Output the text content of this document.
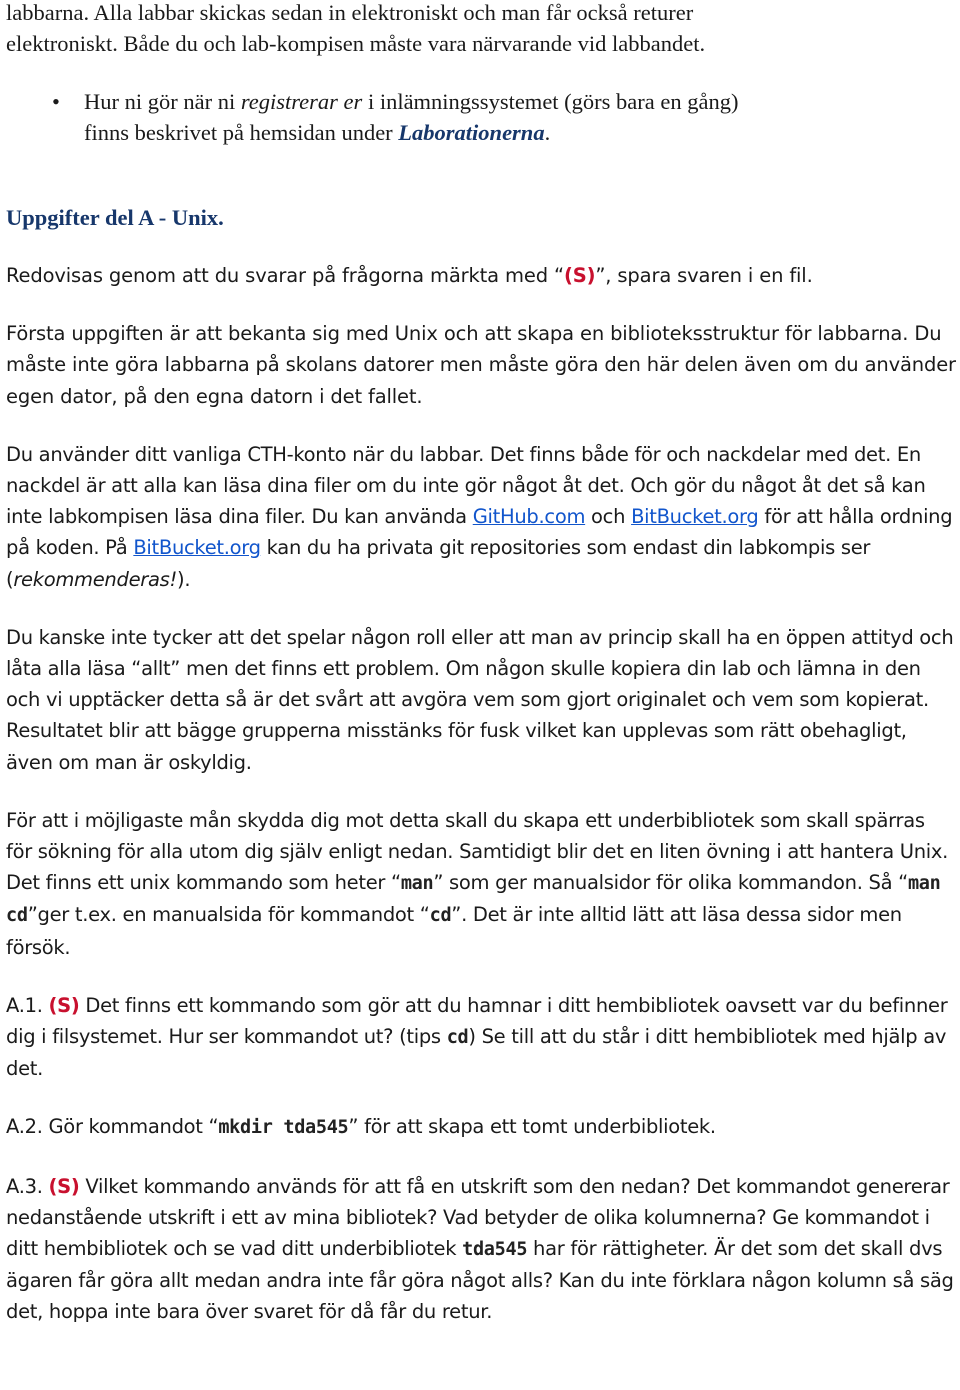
labbarna. Alla labbar skickas sedan in elektroniskt och man får också returer
elektroniskt. Både du och lab-kompisen måste vara närvarande vid labbandet.

• Hur ni gör när ni registrerar er i inlämningssystemet (görs bara en gång)
finns beskrivet på hemsidan under Laborationerna.

Uppgifter del A - Unix.

Redovisas genom att du svarar på frågorna märkta med “(S)”, spara svaren i en fil.

Första uppgiften är att bekanta sig med Unix och att skapa en biblioteksstruktur för labbarna. Du måste inte göra labbarna på skolans datorer men måste göra den här delen även om du använder egen dator, på den egna datorn i det fallet.

Du använder ditt vanliga CTH-konto när du labbar. Det finns både för och nackdelar med det. En nackdel är att alla kan läsa dina filer om du inte gör något åt det. Och gör du något åt det så kan inte labkompisen läsa dina filer. Du kan använda GitHub.com och BitBucket.org för att hålla ordning på koden. På BitBucket.org kan du ha privata git repositories som endast din labkompis ser (rekommenderas!).

Du kanske inte tycker att det spelar någon roll eller att man av princip skall ha en öppen attityd och låta alla läsa “allt” men det finns ett problem. Om någon skulle kopiera din lab och lämna in den och vi upptäcker detta så är det svårt att avgöra vem som gjort originalet och vem som kopierat. Resultatet blir att bägge grupperna misstänks för fusk vilket kan upplevas som rätt obehagligt, även om man är oskyldig.

För att i möjligaste mån skydda dig mot detta skall du skapa ett underbibliotek som skall spärras för sökning för alla utom dig själv enligt nedan. Samtidigt blir det en liten övning i att hantera Unix. Det finns ett unix kommando som heter “man” som ger manualsidor för olika kommandon. Så “man cd”ger t.ex. en manualsida för kommandot “cd”. Det är inte alltid lätt att läsa dessa sidor men försök.

A.1. (S) Det finns ett kommando som gör att du hamnar i ditt hembibliotek oavsett var du befinner dig i filsystemet. Hur ser kommandot ut? (tips cd) Se till att du står i ditt hembibliotek med hjälp av det.

A.2. Gör kommandot “mkdir tda545” för att skapa ett tomt underbibliotek.

A.3. (S) Vilket kommando används för att få en utskrift som den nedan? Det kommandot genererar nedanstående utskrift i ett av mina bibliotek? Vad betyder de olika kolumnerna? Ge kommandot i ditt hembibliotek och se vad ditt underbibliotek tda545 har för rättigheter. Är det som det skall dvs ägaren får göra allt medan andra inte får göra något alls? Kan du inte förklara någon kolumn så säg det, hoppa inte bara över svaret för då får du retur.
